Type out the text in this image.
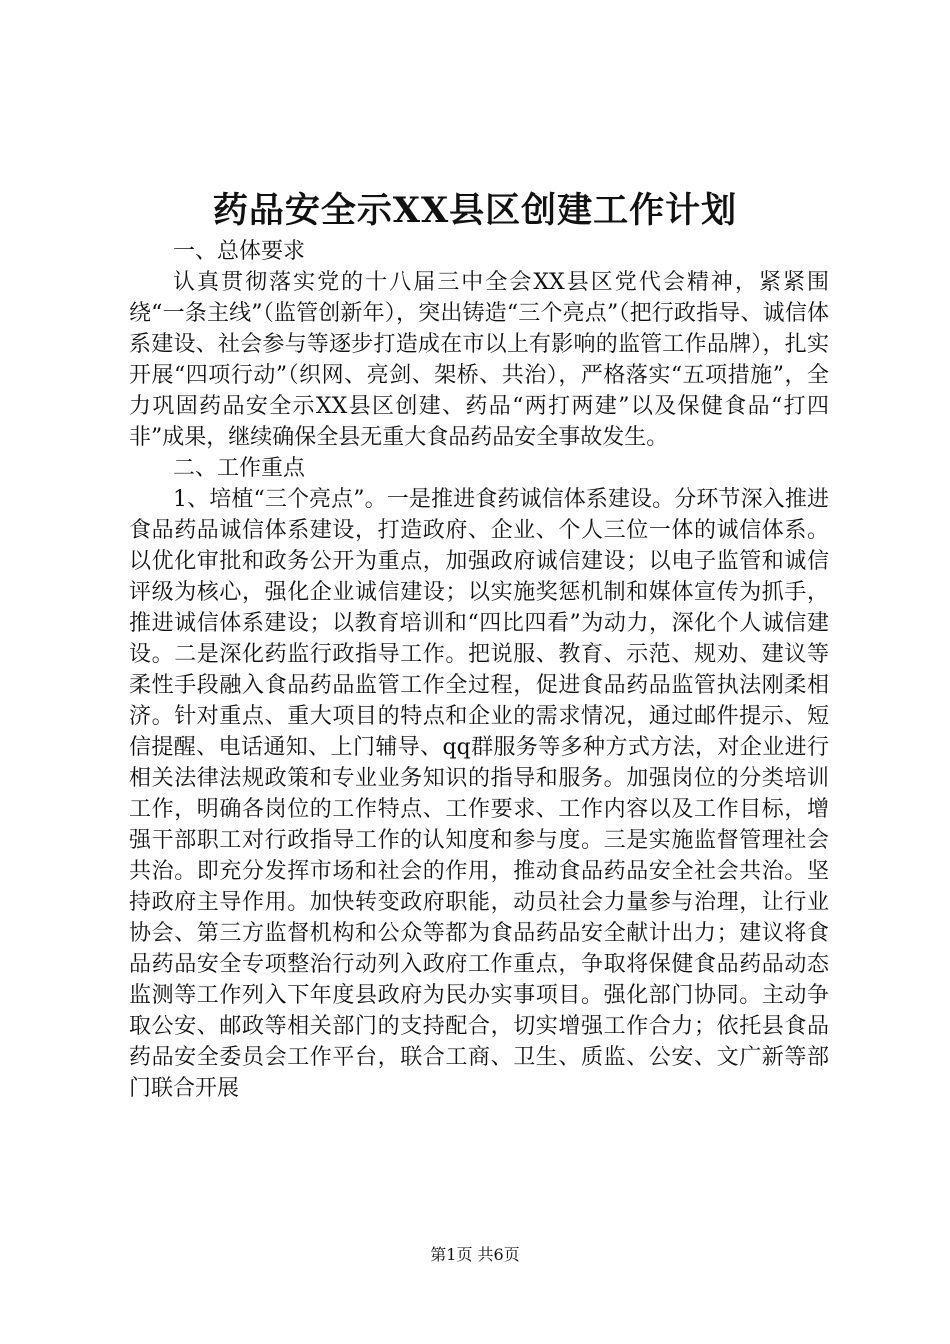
药品安全示XX县区创建工作计划

一、总体要求

认真贯彻落实党的十八届三中全会XX县区党代会精神，紧紧围绕“一条主线”（监管创新年），突出铸造“三个亮点”（把行政指导、诚信体系建设、社会参与等逐步打造成在市以上有影响的监管工作品牌），扎实开展“四项行动”（织网、亮剑、架桥、共治），严格落实“五项措施”，全力巩固药品安全示XX县区创建、药品“两打两建”以及保健食品“打四非”成果，继续确保全县无重大食品药品安全事故发生。

二、工作重点

1、培植“三个亮点”。一是推进食药诚信体系建设。分环节深入推进食品药品诚信体系建设，打造政府、企业、个人三位一体的诚信体系。以优化审批和政务公开为重点，加强政府诚信建设；以电子监管和诚信评级为核心，强化企业诚信建设；以实施奖惩机制和媒体宣传为抓手，推进诚信体系建设；以教育培训和“四比四看”为动力，深化个人诚信建设。二是深化药监行政指导工作。把说服、教育、示范、规劝、建议等柔性手段融入食品药品监管工作全过程，促进食品药品监管执法刚柔相济。针对重点、重大项目的特点和企业的需求情况，通过邮件提示、短信提醒、电话通知、上门辅导、qq群服务等多种方式方法，对企业进行相关法律法规政策和专业业务知识的指导和服务。加强岗位的分类培训工作，明确各岗位的工作特点、工作要求、工作内容以及工作目标，增强干部职工对行政指导工作的认知度和参与度。三是实施监督管理社会共治。即充分发挥市场和社会的作用，推动食品药品安全社会共治。坚持政府主导作用。加快转变政府职能，动员社会力量参与治理，让行业协会、第三方监督机构和公众等都为食品药品安全献计出力；建议将食品药品安全专项整治行动列入政府工作重点，争取将保健食品药品动态监测等工作列入下年度县政府为民办实事项目。强化部门协同。主动争取公安、邮政等相关部门的支持配合，切实增强工作合力；依托县食品药品安全委员会工作平台，联合工商、卫生、质监、公安、文广新等部门联合开展

第1页 共6页
